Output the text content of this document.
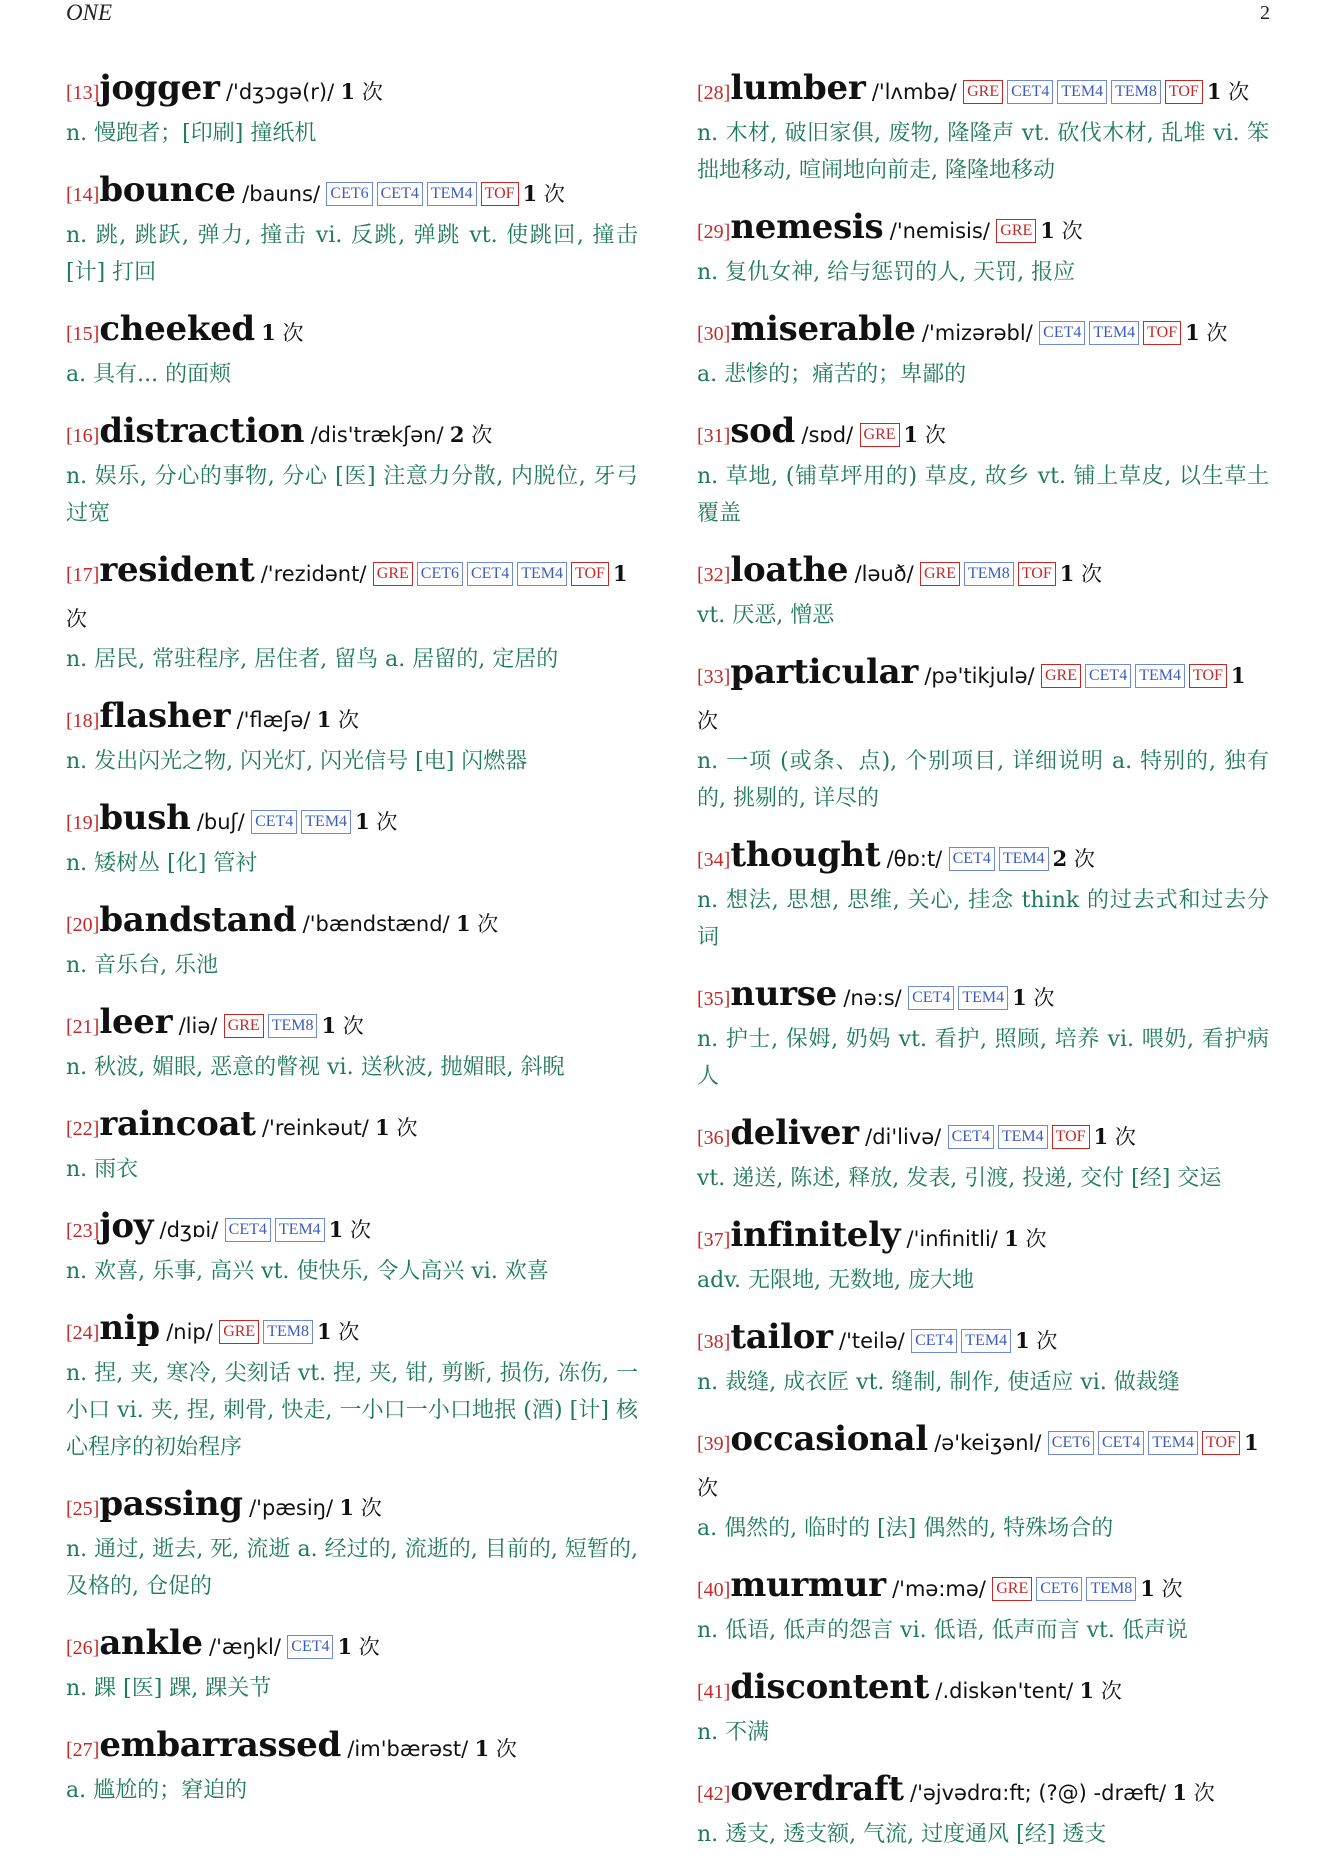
ONE	2
[13]jogger /'dʒɔgə(r)/ 1 次
n. 慢跑者；[印刷] 撞纸机
[14]bounce /bauns/ CET6 CET4 TEM4 TOF 1 次
n. 跳, 跳跃, 弹力, 撞击 vi. 反跳, 弹跳 vt. 使跳回, 撞击 [计] 打回
[15]cheeked 1 次
a. 具有... 的面颊
[16]distraction /dis'trækʃən/ 2 次
n. 娱乐, 分心的事物, 分心 [医] 注意力分散, 内脱位, 牙弓过宽
[17]resident /'rezidənt/ GRE CET6 CET4 TEM4 TOF 1 次
n. 居民, 常驻程序, 居住者, 留鸟 a. 居留的, 定居的
[18]flasher /'flæʃə/ 1 次
n. 发出闪光之物, 闪光灯, 闪光信号 [电] 闪燃器
[19]bush /buʃ/ CET4 TEM4 1 次
n. 矮树丛 [化] 管衬
[20]bandstand /'bændstænd/ 1 次
n. 音乐台, 乐池
[21]leer /liə/ GRE TEM8 1 次
n. 秋波, 媚眼, 恶意的瞥视 vi. 送秋波, 抛媚眼, 斜睨
[22]raincoat /'reinkəut/ 1 次
n. 雨衣
[23]joy /dʒɒi/ CET4 TEM4 1 次
n. 欢喜, 乐事, 高兴 vt. 使快乐, 令人高兴 vi. 欢喜
[24]nip /nip/ GRE TEM8 1 次
n. 捏, 夹, 寒冷, 尖刻话 vt. 捏, 夹, 钳, 剪断, 损伤, 冻伤, 一小口 vi. 夹, 捏, 刺骨, 快走, 一小口一小口地抿 (酒) [计] 核心程序的初始程序
[25]passing /'pæsiŋ/ 1 次
n. 通过, 逝去, 死, 流逝 a. 经过的, 流逝的, 目前的, 短暂的, 及格的, 仓促的
[26]ankle /'æŋkl/ CET4 1 次
n. 踝 [医] 踝, 踝关节
[27]embarrassed /im'bærəst/ 1 次
a. 尴尬的；窘迫的
[28]lumber /'lʌmbə/ GRE CET4 TEM4 TEM8 TOF 1 次
n. 木材, 破旧家俱, 废物, 隆隆声 vt. 砍伐木材, 乱堆 vi. 笨拙地移动, 喧闹地向前走, 隆隆地移动
[29]nemesis /'nemisis/ GRE 1 次
n. 复仇女神, 给与惩罚的人, 天罚, 报应
[30]miserable /'mizərəbl/ CET4 TEM4 TOF 1 次
a. 悲惨的；痛苦的；卑鄙的
[31]sod /sɒd/ GRE 1 次
n. 草地, (铺草坪用的) 草皮, 故乡 vt. 铺上草皮, 以生草土覆盖
[32]loathe /ləuð/ GRE TEM8 TOF 1 次
vt. 厌恶, 憎恶
[33]particular /pə'tikjulə/ GRE CET4 TEM4 TOF 1 次
n. 一项 (或条、点), 个别项目, 详细说明 a. 特别的, 独有的, 挑剔的, 详尽的
[34]thought /θɒ:t/ CET4 TEM4 2 次
n. 想法, 思想, 思维, 关心, 挂念 think 的过去式和过去分词
[35]nurse /nə:s/ CET4 TEM4 1 次
n. 护士, 保姆, 奶妈 vt. 看护, 照顾, 培养 vi. 喂奶, 看护病人
[36]deliver /di'livə/ CET4 TEM4 TOF 1 次
vt. 递送, 陈述, 释放, 发表, 引渡, 投递, 交付 [经] 交运
[37]infinitely /'infinitli/ 1 次
adv. 无限地, 无数地, 庞大地
[38]tailor /'teilə/ CET4 TEM4 1 次
n. 裁缝, 成衣匠 vt. 缝制, 制作, 使适应 vi. 做裁缝
[39]occasional /ə'keiʒənl/ CET6 CET4 TEM4 TOF 1 次
a. 偶然的, 临时的 [法] 偶然的, 特殊场合的
[40]murmur /'mə:mə/ GRE CET6 TEM8 1 次
n. 低语, 低声的怨言 vi. 低语, 低声而言 vt. 低声说
[41]discontent /.diskən'tent/ 1 次
n. 不满
[42]overdraft /'əjvədrɑ:ft; (?@) -dræft/ 1 次
n. 透支, 透支额, 气流, 过度通风 [经] 透支
